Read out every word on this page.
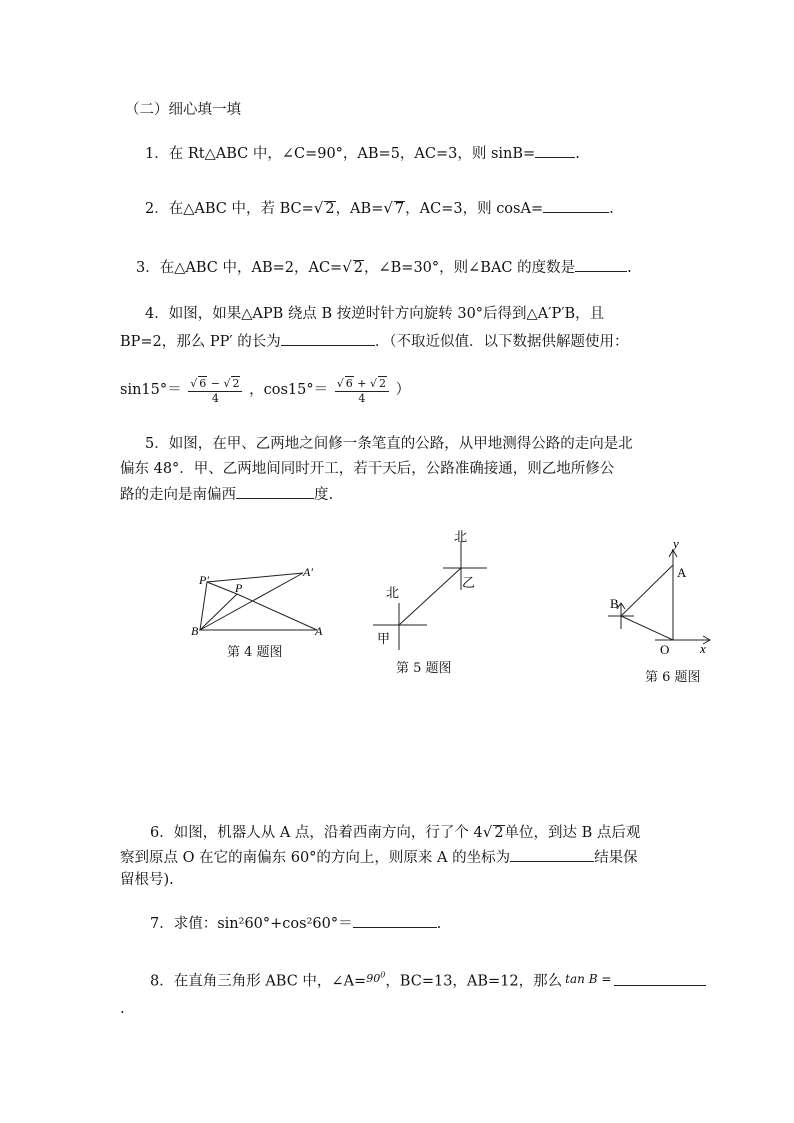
（二）细心填一填
1．在 Rt△ABC 中，∠C=90°，AB=5，AC=3，则 sinB=	.
2．在△ABC 中，若 BC=√ 2，AB=√ 7，AC=3，则 cosA=	.
3．在△ABC 中，AB=2，AC=√ 2，∠B=30°，则∠BAC 的度数是	.
4．如图，如果△APB 绕点 B 按逆时针方向旋转 30°后得到△A′P′B，且
BP=2，那么 PP′ 的长为	．（不取近似值．以下数据供解题使用：
$\sin 15^\circ= \frac{√ 6 - √ 2}{4}$ ，$\cos 15^\circ= \frac{√ 6 + √ 2}{4}$ ）
5．如图，在甲、乙两地之间修一条笔直的公路，从甲地测得公路的走向是北
偏东 48°．甲、乙两地间同时开工，若干天后，公路准确接通，则乙地所修公
路的走向是南偏西	度.
P′
A′
P
B	A
第 4 题图
北
乙
北
甲
第 5 题图
y
A
B
O x
第 6 题图
6．如图，机器人从 A 点，沿着西南方向，行了个 4√ 2单位，到达 B 点后观
察到原点 O 在它的南偏东 60°的方向上，则原来 A 的坐标为	结果保
留根号).
7．求值：sin²60°+cos²60°＝	.
8．在直角三角形 ABC 中，∠A=$^{90^0}$，BC=13，AB=12，那么 $^{tan B =}$
.
